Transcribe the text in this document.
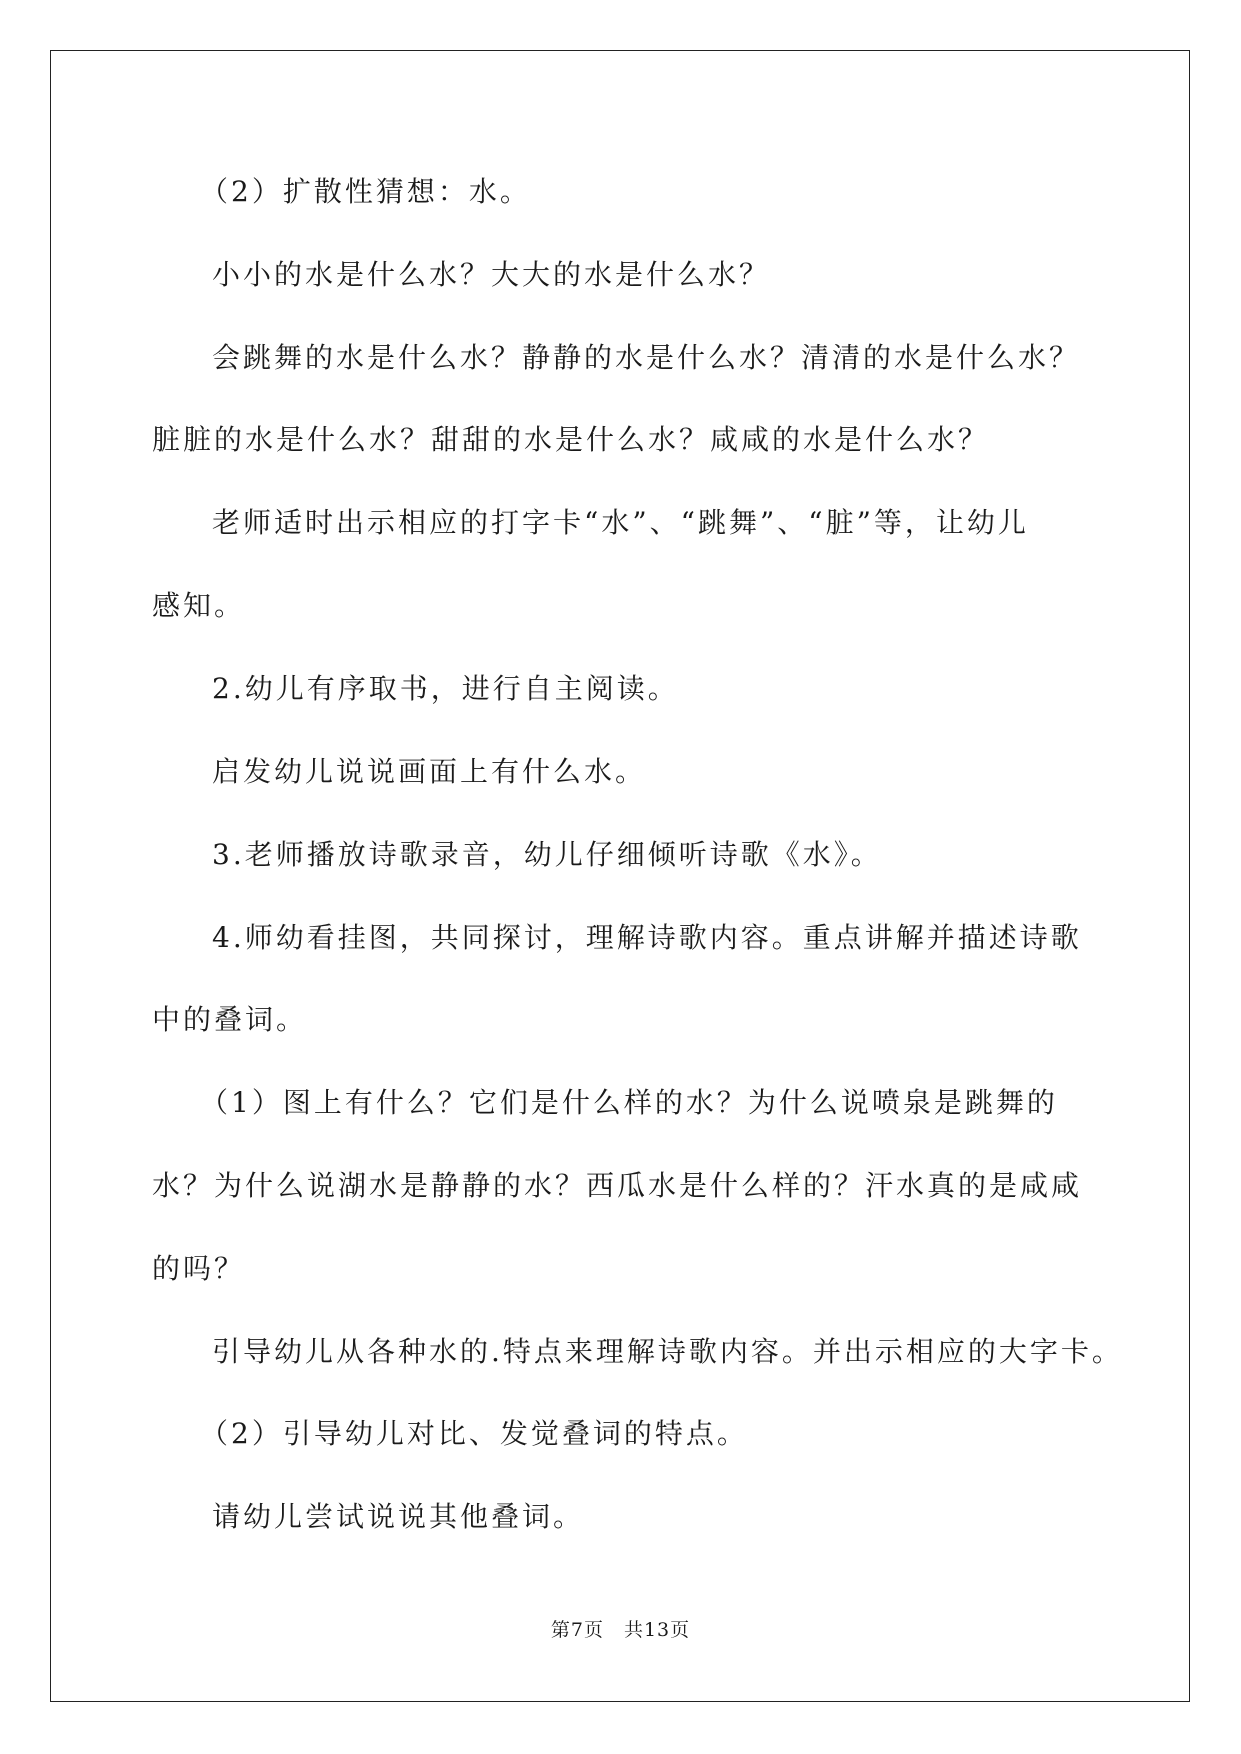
（2）扩散性猜想：水。
小小的水是什么水？大大的水是什么水？
会跳舞的水是什么水？静静的水是什么水？清清的水是什么水？
脏脏的水是什么水？甜甜的水是什么水？咸咸的水是什么水？
老师适时出示相应的打字卡“水”、“跳舞”、“脏”等，让幼儿
感知。
2.幼儿有序取书，进行自主阅读。
启发幼儿说说画面上有什么水。
3.老师播放诗歌录音，幼儿仔细倾听诗歌《水》。
4.师幼看挂图，共同探讨，理解诗歌内容。重点讲解并描述诗歌
中的叠词。
（1）图上有什么？它们是什么样的水？为什么说喷泉是跳舞的
水？为什么说湖水是静静的水？西瓜水是什么样的？汗水真的是咸咸
的吗？
引导幼儿从各种水的.特点来理解诗歌内容。并出示相应的大字卡。
（2）引导幼儿对比、发觉叠词的特点。
请幼儿尝试说说其他叠词。
第7页　共13页
